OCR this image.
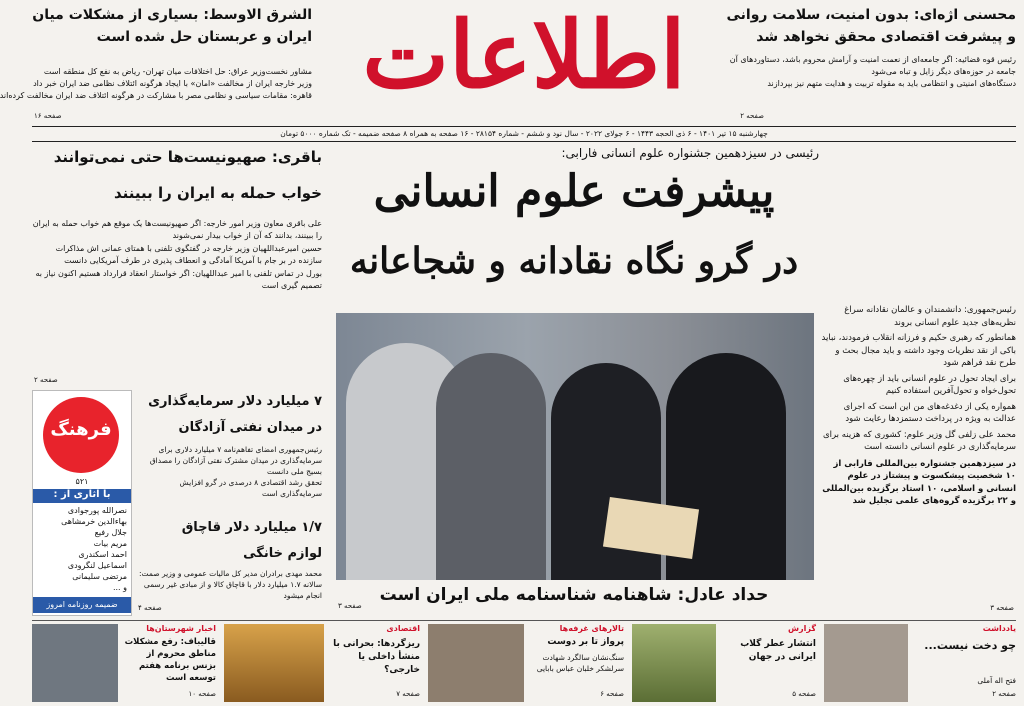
اطلاعات	محسنی اژه‌ای: بدون امنیت، سلامت روانی و پیشرفت اقتصادی محقق نخواهد شد
رئیس قوه قضائیه: اگر جامعه‌ای از نعمت امنیت و آرامش محروم باشد، دستاوردهای آن جامعه در حوزه‌های دیگر زایل و تباه می‌شود
دستگاه‌های امنیتی و انتظامی باید به مقوله تربیت و هدایت متهم نیز بپردازند
صفحه ۲
الشرق الاوسط: بسیاری از مشکلات میان ایران و عربستان حل شده است
مشاور نخست‌وزیر عراق: حل اختلافات میان تهران- ریاض به نفع کل منطقه است
وزیر خارجه ایران از مخالفت «امان» با ایجاد هرگونه ائتلاف نظامی ضد ایران خبر داد
قاهره: مقامات سیاسی و نظامی مصر با مشارکت در هرگونه ائتلاف ضد ایران مخالفت کرده‌اند
صفحه ۱۶
چهارشنبه ۱۵ تیر ۱۴۰۱ - ۶ ذی الحجه ۱۴۴۳ - ۶ جولای ۲۰۲۲ - سال نود و ششم - شماره ۲۸۱۵۴ - ۱۶ صفحه به همراه ۸ صفحه ضمیمه - تک شماره ۵۰۰۰ تومان
رئیسی در سیزدهمین جشنواره علوم انسانی فارابی:
پیشرفت علوم انسانی
در گرو نگاه نقادانه و شجاعانه
رئیس‌جمهوری: دانشمندان و عالمان نقادانه سراغ نظریه‌های جدید علوم انسانی بروند
همانطور که رهبری حکیم و فرزانه انقلاب فرمودند، نباید باکی از نقد نظریات وجود داشته و باید مجال بحث و طرح نقد فراهم شود
برای ایجاد تحول در علوم انسانی باید از چهره‌های تحول‌خواه و تحول‌آفرین استفاده کنیم
همواره یکی از دغدغه‌های من این است که اجرای عدالت به ویژه در پرداخت دستمزدها رعایت شود
محمد علی زلفی گل وزیر علوم: کشوری که هزینه برای سرمایه‌گذاری در علوم انسانی دانسته است
در سیزدهمین جشنواره بین‌المللی فارابی از ۱۰ شخصیت پیشکسوت و پیشتاز در علوم انسانی و اسلامی، ۱۰ استاد برگزیده بین‌المللی و ۲۲ برگزیده گروه‌های علمی تجلیل شد
صفحه ۳
حداد عادل: شاهنامه شناسنامه ملی ایران است
صفحه ۳
باقری: صهیونیست‌ها حتی نمی‌توانند
خواب حمله به ایران را ببینند
علی باقری معاون وزیر امور خارجه: اگر صهیونیست‌ها یک موقع هم خواب حمله به ایران را ببینند، بدانند که آن از خواب بیدار نمی‌شوند
حسین امیرعبداللهیان وزیر خارجه در گفتگوی تلفنی با همتای عمانی اش مذاکرات سازنده در بر جام با آمریکا آمادگی و انعطاف پذیری در طرف آمریکایی دانست
بورل در تماس تلفنی با امیر عبداللهیان: اگر خواستار انعقاد قرارداد هستیم اکنون نیاز به تصمیم گیری است
صفحه ۲
۷ میلیارد دلار سرمایه‌گذاری
در میدان نفتی آزادگان
رئیس‌جمهوری امضای تفاهم‌نامه ۷ میلیارد دلاری برای سرمایه‌گذاری در میدان مشترک نفتی آزادگان را مصداق بسیج ملی دانست
تحقق رشد اقتصادی ۸ درصدی در گرو افزایش سرمایه‌گذاری است
۱/۷ میلیارد دلار قاچاق
لوازم خانگی
محمد مهدی برادران مدیر کل مالیات عمومی و وزیر صمت: سالانه ۱.۷ میلیارد دلار با قاچاق کالا و از مبادی غیر رسمی انجام میشود
صفحه ۴
فرهنگ
۵۲۱
با آثاری از :
نصرالله پورجوادی
بهاءالدین خرمشاهی
جلال رفیع
مریم بیات
احمد اسکندری
اسماعیل لنگرودی
مرتضی سلیمانی
و ...
ضمیمه روزنامه امروز
اخبار شهرستان‌ها
قالیباف: رفع مشکلات مناطق محروم از بزنس برنامه هفتم توسعه است
صفحه ۱۰
اقتصادی
ریزگردها: بحرانی با منشأ داخلی یا خارجی؟
صفحه ۷
تالارهای غرفه‌ها
پرواز تا بر دوست
سنگ‌نشان سالگرد شهادت سرلشکر خلبان عباس بابایی
صفحه ۶
گزارش
انتشار عطر گلاب ایرانی در جهان
صفحه ۵
یادداشت
چو دخت نیست...
فتح اله آملی
صفحه ۲
